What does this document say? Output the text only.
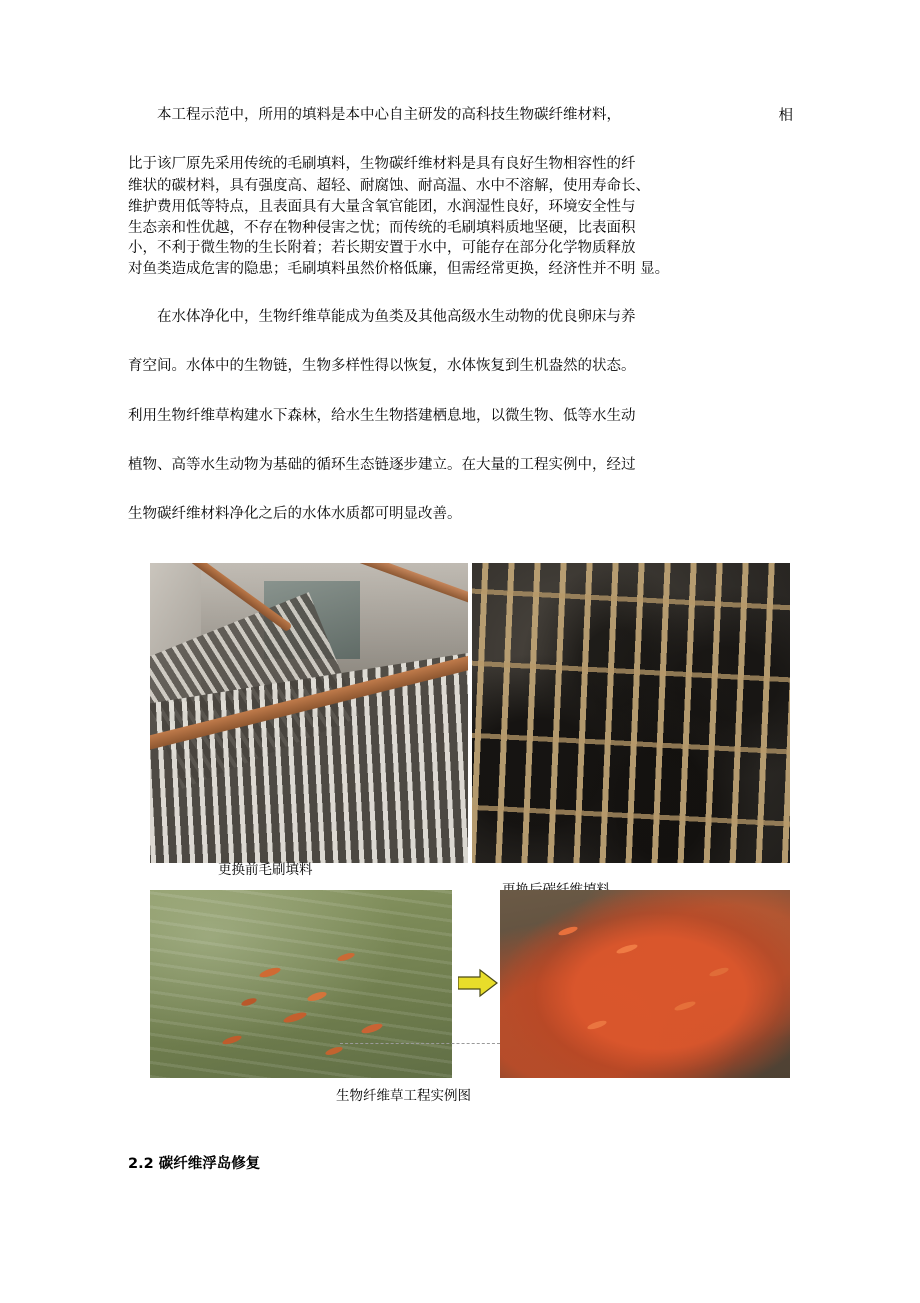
本工程示范中，所用的填料是本中心自主研发的高科技生物碳纤维材料，	相

比于该厂原先采用传统的毛刷填料，生物碳纤维材料是具有良好生物相容性的纤

维状的碳材料，具有强度高、超轻、耐腐蚀、耐高温、水中不溶解，使用寿命长、

维护费用低等特点，且表面具有大量含氧官能团，水润湿性良好，环境安全性与

生态亲和性优越，不存在物种侵害之忧；而传统的毛刷填料质地坚硬，比表面积

小，不利于微生物的生长附着；若长期安置于水中，可能存在部分化学物质释放

对鱼类造成危害的隐患；毛刷填料虽然价格低廉，但需经常更换，经济性并不明 显。

在水体净化中，生物纤维草能成为鱼类及其他高级水生动物的优良卵床与养

育空间。水体中的生物链，生物多样性得以恢复，水体恢复到生机盎然的状态。

利用生物纤维草构建水下森林，给水生生物搭建栖息地，以微生物、低等水生动

植物、高等水生动物为基础的循环生态链逐步建立。在大量的工程实例中，经过

生物碳纤维材料净化之后的水体水质都可明显改善。

更换前毛刷填料
生物纤维草工程实例图
2.2 碳纤维浮岛修复
